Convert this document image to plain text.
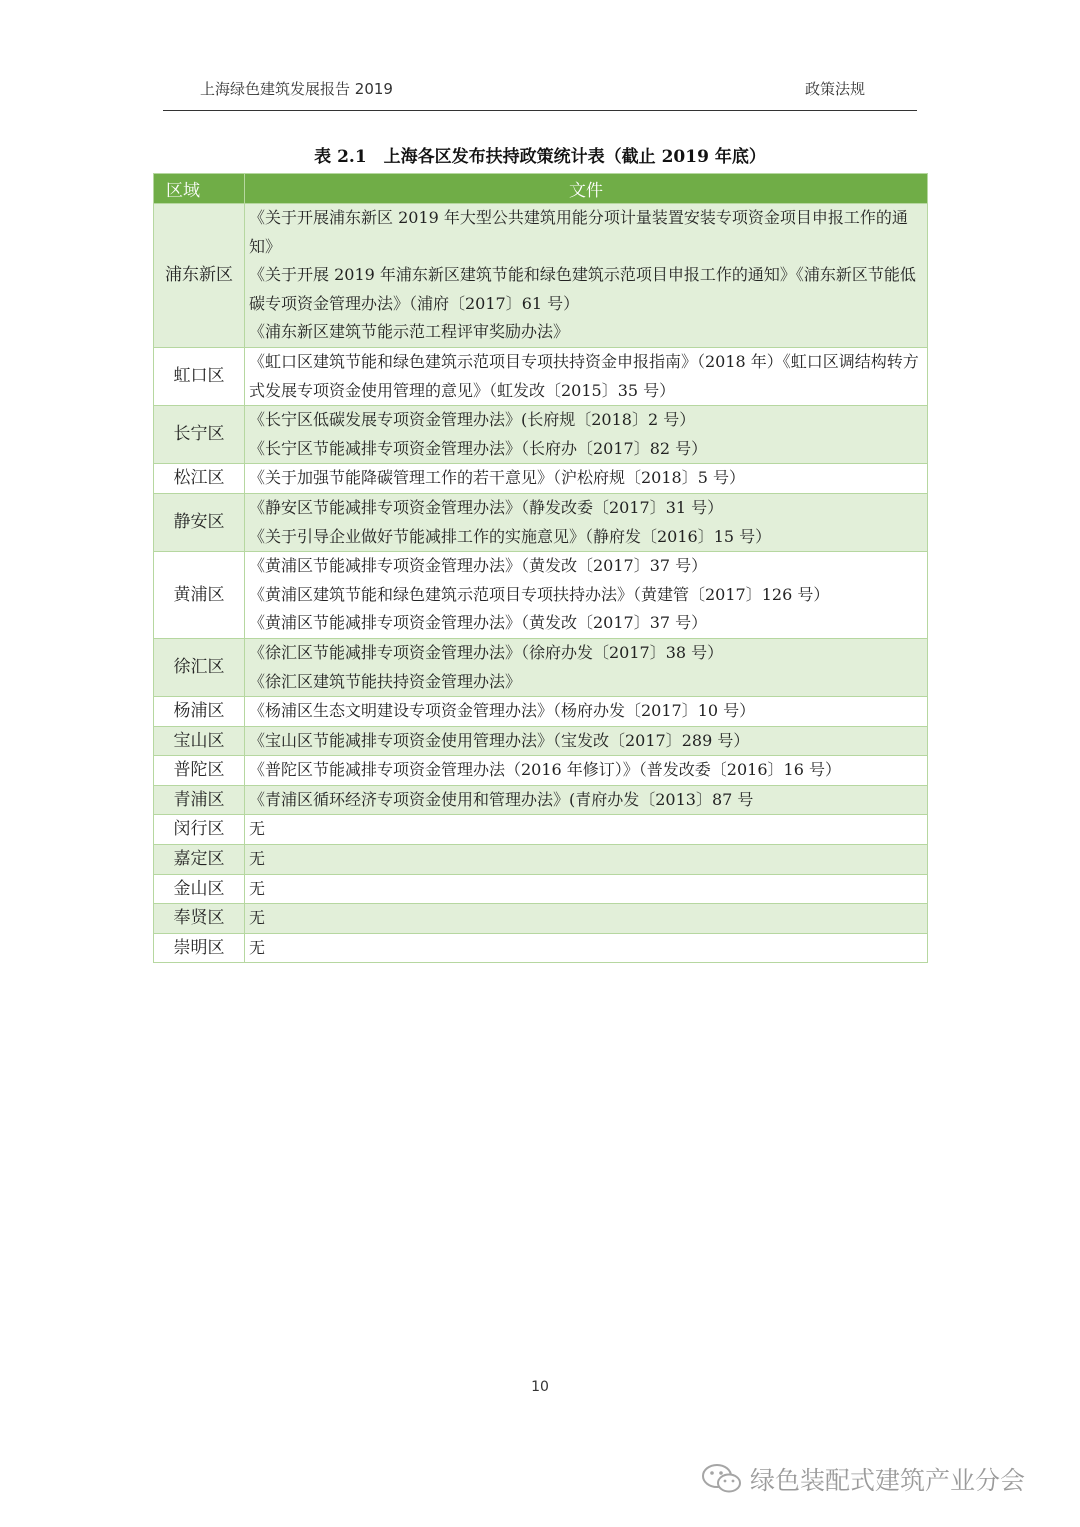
上海绿色建筑发展报告 2019	政策法规
表 2.1　上海各区发布扶持政策统计表（截止 2019 年底）
区域	文件
浦东新区	《关于开展浦东新区 2019 年大型公共建筑用能分项计量装置安装专项资金项目申报工作的通知》
《关于开展 2019 年浦东新区建筑节能和绿色建筑示范项目申报工作的通知》《浦东新区节能低碳专项资金管理办法》（浦府〔2017〕61 号）
《浦东新区建筑节能示范工程评审奖励办法》

虹口区	《虹口区建筑节能和绿色建筑示范项目专项扶持资金申报指南》（2018 年）《虹口区调结构转方式发展专项资金使用管理的意见》（虹发改〔2015〕35 号）

长宁区	《长宁区低碳发展专项资金管理办法》(长府规〔2018〕2 号）
《长宁区节能减排专项资金管理办法》（长府办〔2017〕82 号）

松江区	《关于加强节能降碳管理工作的若干意见》（沪松府规〔2018〕5 号）

静安区	《静安区节能减排专项资金管理办法》（静发改委〔2017〕31 号）
《关于引导企业做好节能减排工作的实施意见》（静府发〔2016〕15 号）

黄浦区	《黄浦区节能减排专项资金管理办法》（黄发改〔2017〕37 号）
《黄浦区建筑节能和绿色建筑示范项目专项扶持办法》（黄建管〔2017〕126 号）
《黄浦区节能减排专项资金管理办法》（黄发改〔2017〕37 号）

徐汇区	《徐汇区节能减排专项资金管理办法》（徐府办发〔2017〕38 号）
《徐汇区建筑节能扶持资金管理办法》

杨浦区	《杨浦区生态文明建设专项资金管理办法》（杨府办发〔2017〕10 号）

宝山区	《宝山区节能减排专项资金使用管理办法》（宝发改〔2017〕289 号）

普陀区	《普陀区节能减排专项资金管理办法（2016 年修订）》（普发改委〔2016〕16 号）

青浦区	《青浦区循环经济专项资金使用和管理办法》(青府办发〔2013〕87 号

闵行区	无

嘉定区	无

金山区	无

奉贤区	无

崇明区	无
10
绿色装配式建筑产业分会
